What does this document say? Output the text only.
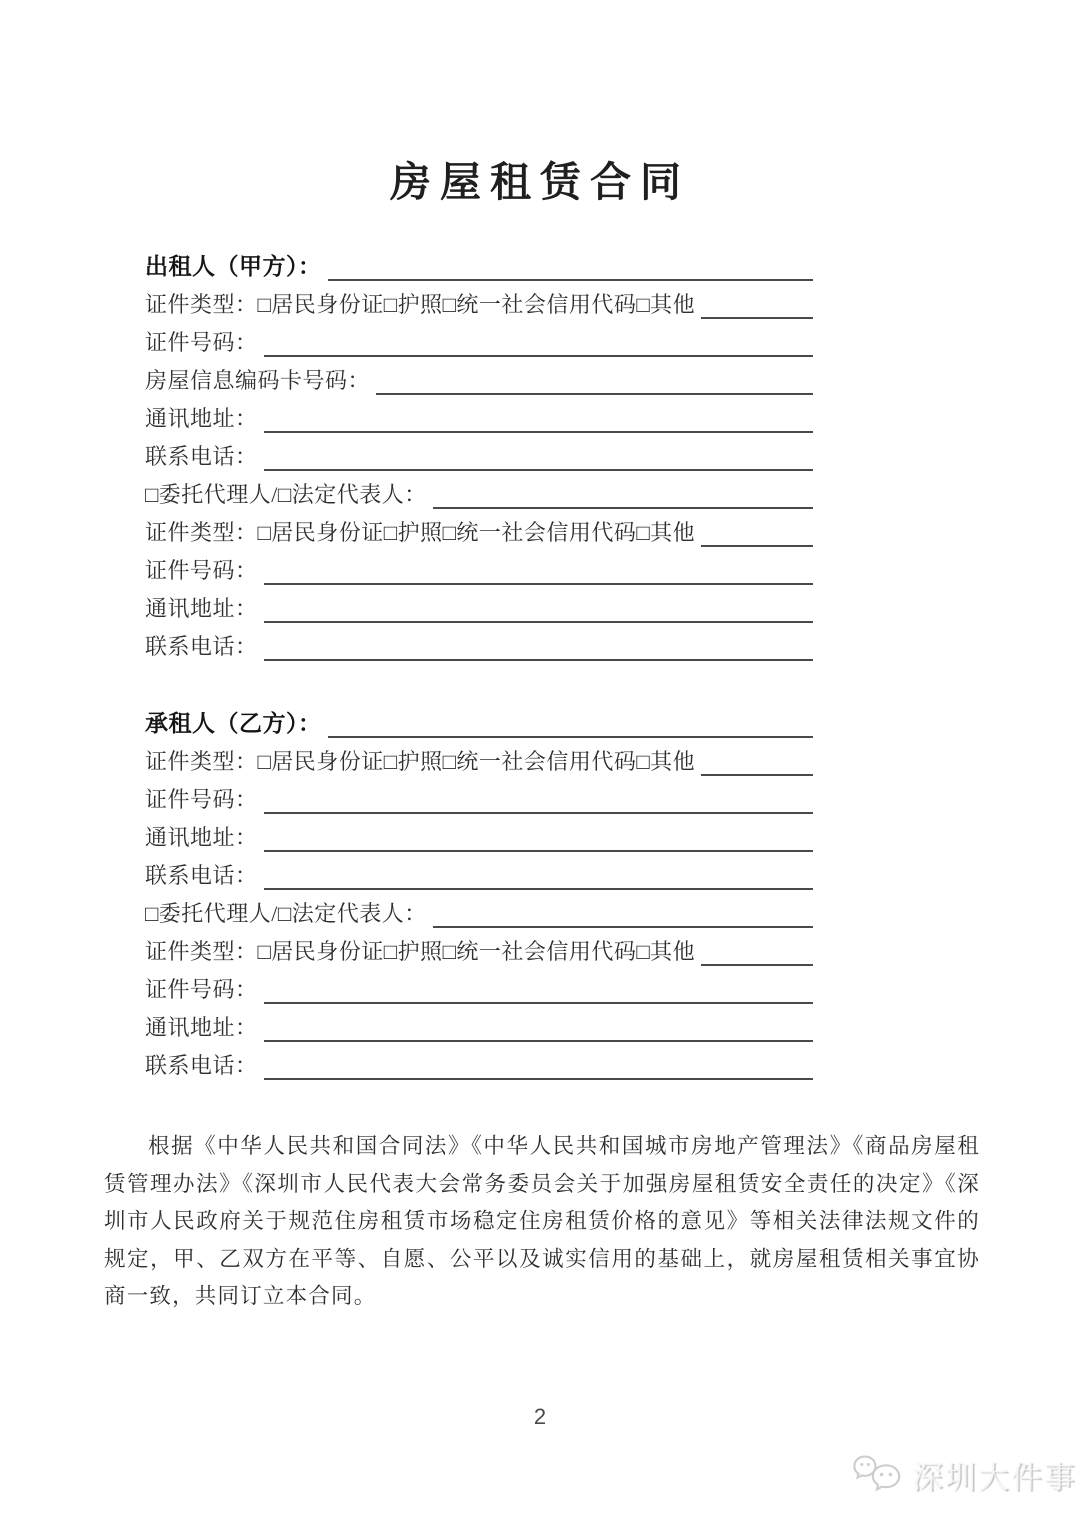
房屋租赁合同
出租人（甲方）：
证件类型：□居民身份证□护照□统一社会信用代码□其他
证件号码：
房屋信息编码卡号码：
通讯地址：
联系电话：
□委托代理人/□法定代表人：
证件类型：□居民身份证□护照□统一社会信用代码□其他
证件号码：
通讯地址：
联系电话：
承租人（乙方）：
证件类型：□居民身份证□护照□统一社会信用代码□其他
证件号码：
通讯地址：
联系电话：
□委托代理人/□法定代表人：
证件类型：□居民身份证□护照□统一社会信用代码□其他
证件号码：
通讯地址：
联系电话：

根据《中华人民共和国合同法》《中华人民共和国城市房地产管理法》《商品房屋租赁管理办法》《深圳市人民代表大会常务委员会关于加强房屋租赁安全责任的决定》《深圳市人民政府关于规范住房租赁市场稳定住房租赁价格的意见》等相关法律法规文件的规定，甲、乙双方在平等、自愿、公平以及诚实信用的基础上，就房屋租赁相关事宜协商一致，共同订立本合同。

2
深圳大件事
